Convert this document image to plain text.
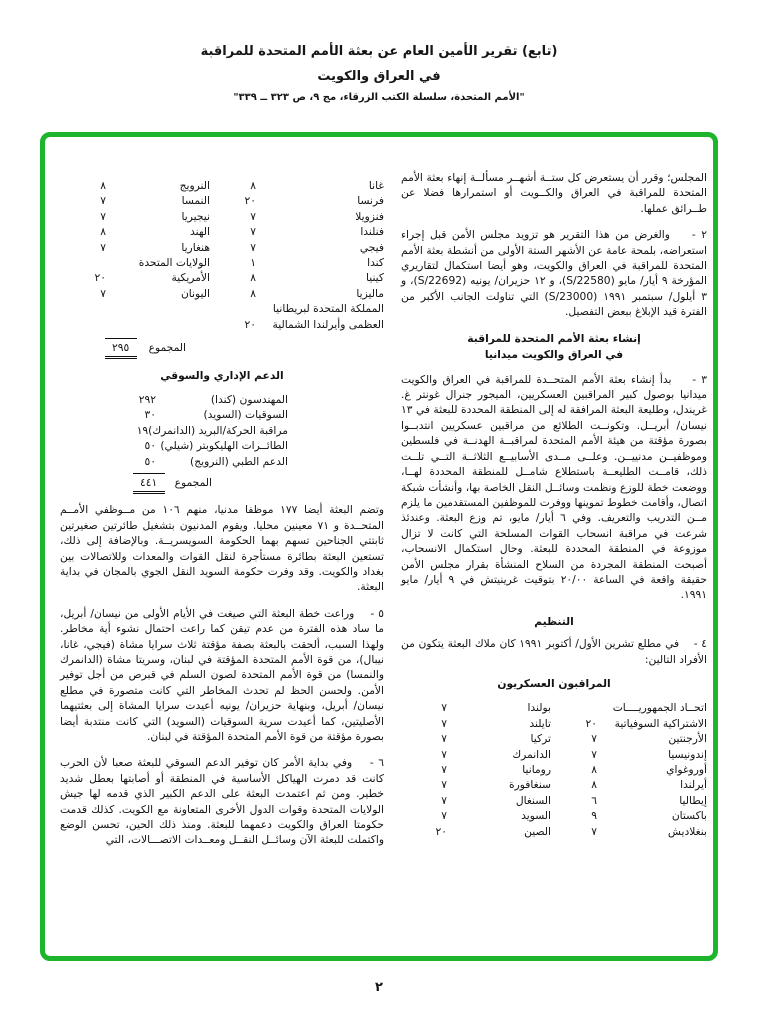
(تابع) تقرير الأمين العام عن بعثة الأمم المتحدة للمراقبة
في العراق والكويت
"الأمم المتحدة، سلسلة الكتب الزرقاء، مج ٩، ص ٣٢٣ ــ ٣٣٩"

المجلس؛ وقرر أن يستعرض كل ستــة أشهــر مسألــة إنهاء بعثة الأمم المتحدة للمراقبة في العراق والكــويت أو استمرارها فضلا عن طــرائق عملها.

٢ -    والغرض من هذا التقرير هو تزويد مجلس الأمن قبل إجراء استعراضه، بلمحة عامة عن الأشهر الستة الأولى من أنشطة بعثة الأمم المتحدة للمراقبة في العراق والكويت، وهو أيضا استكمال لتقاريري المؤرخة ٩ أيار/ مايو (S/22580)، و ١٢ حزيران/ يونيه (S/22692)، و ٣ أيلول/ سبتمبر ١٩٩١ (S/23000) التي تناولت الجانب الأكبر من الفترة قيد الإبلاغ ببعض التفصيل.

إنشاء بعثة الأمم المتحدة للمراقبة
في العراق والكويت ميدانيا

٣ -    بدأ إنشاء بعثة الأمم المتحــدة للمراقبة في العراق والكويت ميدانيا بوصول كبير المراقبين العسكريين، الميجور جنرال غونتر غ. غريندل، وطليعة البعثة المرافقة له إلى المنطقة المحددة للبعثة في ١٣ نيسان/ أبريــل. وتكونــت الطلائع من مراقبين عسكريين انتدبــوا بصورة مؤقتة من هيئة الأمم المتحدة لمراقبــة الهدنــة في فلسطين وموظفيــن مدنييــن. وعلــى مــدى الأسابيــع الثلاثــة التــي تلــت ذلك، قامــت الطليعــة باستطلاع شامــل للمنطقة المحددة لهــا، ووضعت خطة للوزع ونظمت وسائــل النقل الخاصة بها، وأنشأت شبكة اتصال، وأقامت خطوط تموينها ووفرت للموظفين المستقدمين ما يلزم مــن التدريب والتعريف. وفي ٦ أيار/ مايو، تم وزع البعثة. وعندئذ شرعت في مراقبة انسحاب القوات المسلحة التي كانت لا تزال موزوعة في المنطقة المحددة للبعثة. وحال استكمال الانسحاب، أصبحت المنطقة المجردة من السلاح المنشأة بقرار مجلس الأمن حقيقة واقعة في الساعة ٢٠/٠٠ بتوقيت غرينيتش في ٩ أيار/ مايو ١٩٩١.

التنظيم

٤ -    في مطلع تشرين الأول/ أكتوبر ١٩٩١ كان ملاك البعثة يتكون من الأفراد التالين:

المراقبون العسكريون
اتحــاد الجمهوريــــات
بولندا
٧
الاشتراكية السوفياتية
٢٠
تايلند
٧
الأرجنتين
٧
تركيا
٧
إندونيسيا
٧
الدانمرك
٧
أوروغواي
٨
رومانيا
٧
أيرلندا
٨
سنغافورة
٧
إيطاليا
٦
السنغال
٧
باكستان
٩
السويد
٧
بنغلاديش
٧
الصين
٢٠
غانا
٨
النرويج
٨
فرنسا
٢٠
النمسا
٧
فنزويلا
٧
نيجيريا
٧
فنلندا
٧
الهند
٨
فيجي
٧
هنغاريا
٧
كندا
١
الولايات المتحدة
كينيا
٨
الأمريكية
٢٠
ماليزيا
٨
اليونان
٧
المملكة المتحدة لبريطانيا
العظمى وأيرلندا الشمالية
٢٠
المجموع
٢٩٥
الدعم الإداري والسوقي
المهندسون (كندا)
٢٩٢
السوقيات (السويد)
٣٠
مراقبة الحركة/البريد (الدانمرك)
١٩
الطائــرات الهليكوبتر (شيلي)
٥٠
الدعم الطبي (النرويج)
٥٠
المجموع
٤٤١

وتضم البعثة أيضا ١٧٧ موظفا مدنيا، منهم ١٠٦ من مــوظفي الأمــم المتحــدة و ٧١ معينين محليا. ويقوم المدنيون بتشغيل طائرتين صغيرتين ثابتتي الجناحين تسهم بهما الحكومة السويسريــة. وبالإضافة إلى ذلك، تستعين البعثة بطائرة مستأجرة لنقل القوات والمعدات وللاتصالات بين بغداد والكويت. وقد وفرت حكومة السويد النقل الجوي بالمجان في بداية البعثة.

٥ -    وراعت خطة البعثة التي صيغت في الأيام الأولى من نيسان/ أبريل، ما ساد هذه الفترة من عدم تيقن كما راعت احتمال نشوء أية مخاطر. ولهذا السبب، ألحقت بالبعثة بصفة مؤقتة ثلاث سرايا مشاة (فيجي، غانا، نيبال)، من قوة الأمم المتحدة المؤقتة في لبنان، وسريتا مشاة (الدانمرك والنمسا) من قوة الأمم المتحدة لصون السلم في قبرص من أجل توفير الأمن. ولحسن الحظ لم تحدث المخاطر التي كانت متصورة في مطلع نيسان/ أبريل، وبنهاية حزيران/ يونيه أعيدت سرايا المشاة إلى بعثتيهما الأصليتين، كما أعيدت سرية السوقيات (السويد) التي كانت منتدبة أيضا بصورة مؤقتة من قوة الأمم المتحدة المؤقتة في لبنان.

٦ -    وفي بداية الأمر كان توفير الدعم السوقي للبعثة صعبا لأن الحرب كانت قد دمرت الهياكل الأساسية في المنطقة أو أصابتها بعطل شديد خطير. ومن ثم اعتمدت البعثة على الدعم الكبير الذي قدمه لها جيش الولايات المتحدة وقوات الدول الأخرى المتعاونة مع الكويت. كذلك قدمت حكومتا العراق والكويت دعمهما للبعثة. ومنذ ذلك الحين، تحسن الوضع واكتملت للبعثة الآن وسائــل النقــل ومعــدات الاتصـــالات، التي

٢
